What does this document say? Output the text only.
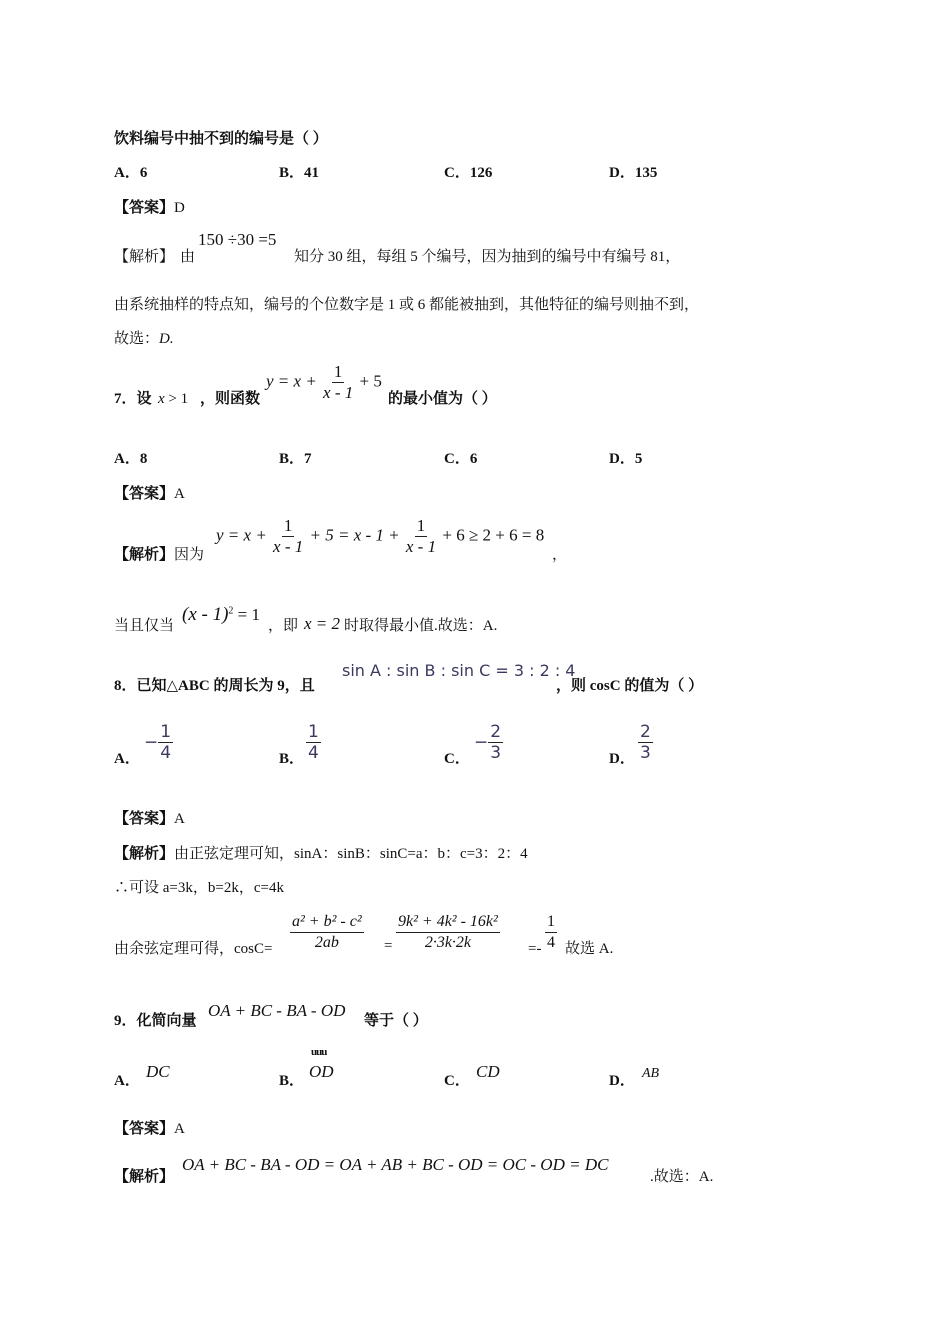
饮料编号中抽不到的编号是（ ）
A．6	B．41	C．126	D．135
【答案】D
【解析】 由
150 ÷30 =5
知分 30 组，每组 5 个编号，因为抽到的编号中有编号 81，
由系统抽样的特点知，编号的个位数字是 1 或 6 都能被抽到，其他特征的编号则抽不到，
故选：D.
7．设 x > 1 ，则函数
$y = x + \frac{1}{x - 1} + 5$
的最小值为（ ）
A．8	B．7	C．6	D．5
【答案】A
【解析】因为
$y = x + \frac{1}{x - 1} + 5 = x - 1 + \frac{1}{x - 1} + 6 \ge 2 + 6 = 8$
，
当且仅当
(x - 1)$^2$ = 1
，即 x = 2 时取得最小值.故选：A.
8．已知△ABC 的周长为 9，且
sin A : sin B : sin C = 3 : 2 : 4
，则 cosC 的值为（ ）
A．
− $\frac{1}{4}$	B． $\frac{1}{4}$	C．
− $\frac{2}{3}$	D． $\frac{2}{3}$
【答案】A
【解析】由正弦定理可知，sinA：sinB：sinC=a：b：c=3：2：4
∴可设 a=3k，b=2k，c=4k
由余弦定理可得，$\cos C= \frac{\text{a² + b² - c²}}{2ab} = \frac{\text{9k² + 4k² - 16k²}}{2\cdot 3k\cdot 2k} =- \frac{1}{4}$ 故选 A.
9．化简向量
OA + BC - BA - OD
等于（ ）
A． DC	B．
uuu
OD	C． CD	D． AB
【答案】A
【解析】
OA + BC - BA - OD = OA + AB + BC - OD = OC - OD = DC
.故选：A.
